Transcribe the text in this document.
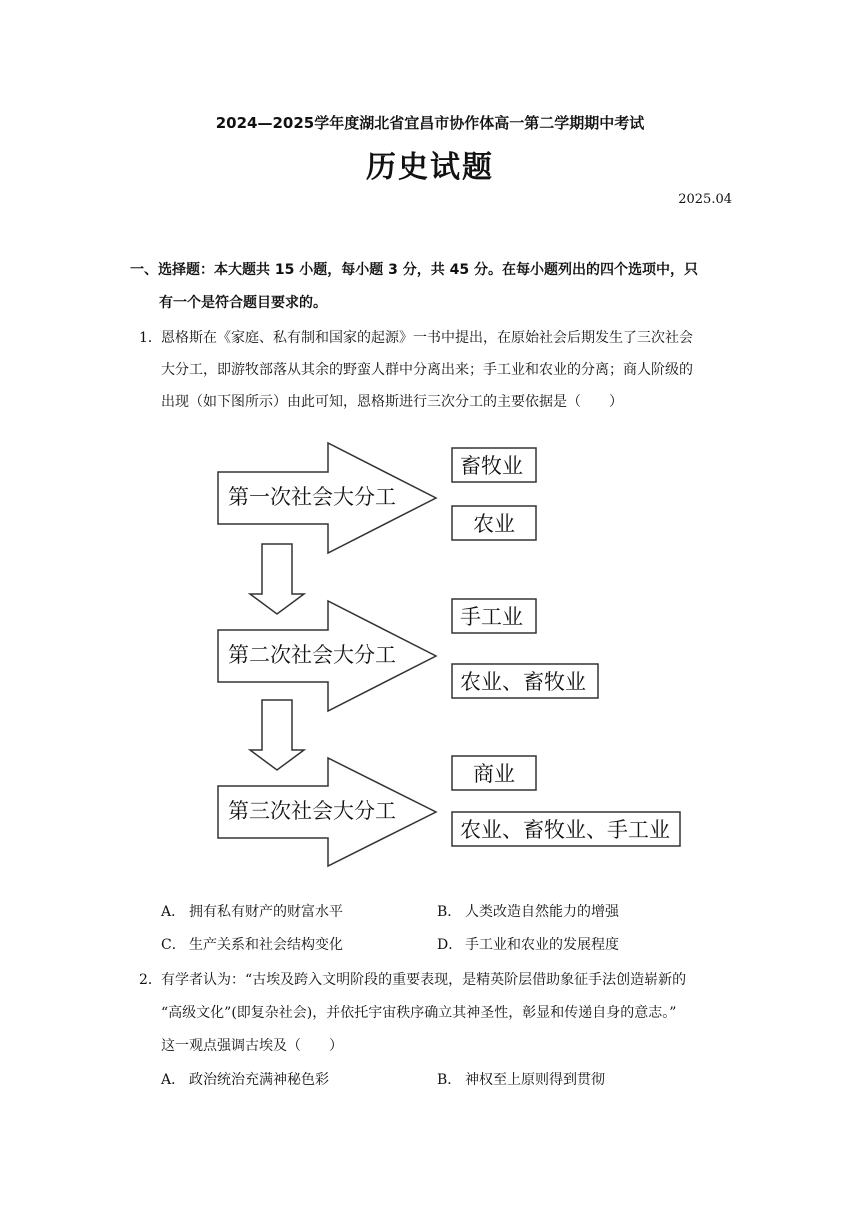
2024—2025学年度湖北省宜昌市协作体高一第二学期期中考试
历史试题
2025.04
一、选择题：本大题共 15 小题，每小题 3 分，共 45 分。在每小题列出的四个选项中，只
有一个是符合题目要求的。
1． 恩格斯在《家庭、私有制和国家的起源》一书中提出，在原始社会后期发生了三次社会
大分工，即游牧部落从其余的野蛮人群中分离出来；手工业和农业的分离；商人阶级的
出现（如下图所示）由此可知，恩格斯进行三次分工的主要依据是（　　）
第一次社会大分工
第二次社会大分工
第三次社会大分工
畜牧业
农业
手工业
农业、畜牧业
商业
农业、畜牧业、手工业
A． 拥有私有财产的财富水平	B． 人类改造自然能力的增强
C． 生产关系和社会结构变化	D． 手工业和农业的发展程度
2． 有学者认为：“古埃及跨入文明阶段的重要表现，是精英阶层借助象征手法创造崭新的
“高级文化”(即复杂社会)，并依托宇宙秩序确立其神圣性，彰显和传递自身的意志。”
这一观点强调古埃及（　　）
A． 政治统治充满神秘色彩	B． 神权至上原则得到贯彻
